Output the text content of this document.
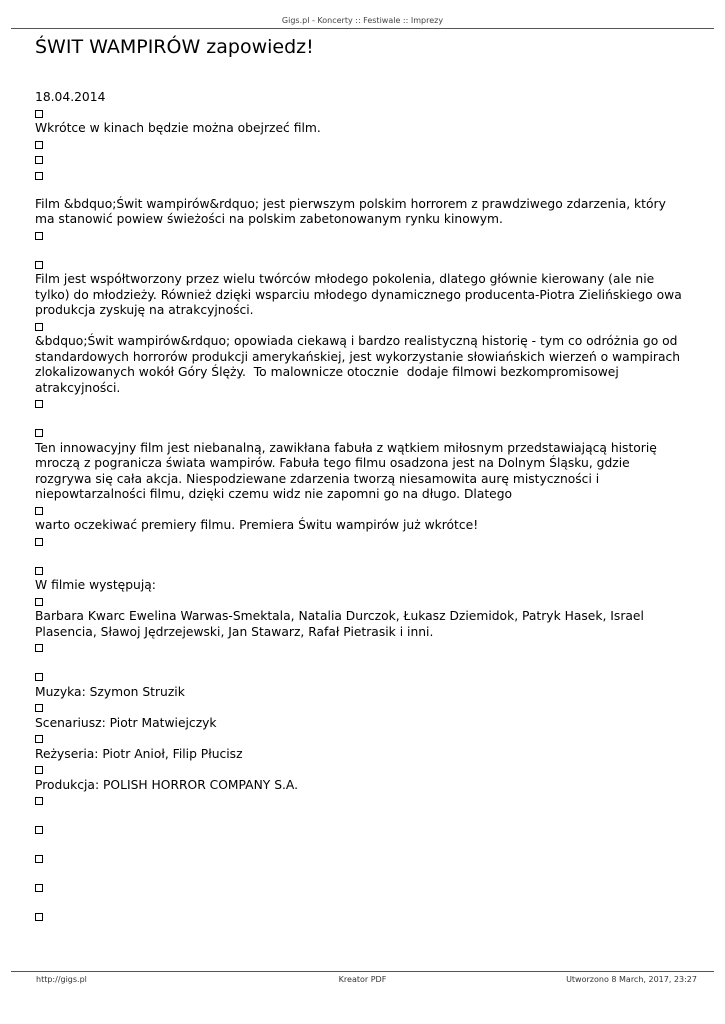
Gigs.pl - Koncerty :: Festiwale :: Imprezy
ŚWIT WAMPIRÓW zapowiedz!
18.04.2014
Wkrótce w kinach będzie można obejrzeć film.
Film &bdquo;Świt wampirów&rdquo; jest pierwszym polskim horrorem z prawdziwego zdarzenia, który
ma stanowić powiew świeżości na polskim zabetonowanym rynku kinowym.
Film jest współtworzony przez wielu twórców młodego pokolenia, dlatego głównie kierowany (ale nie
tylko) do młodzieży. Również dzięki wsparciu młodego dynamicznego producenta-Piotra Zielińskiego owa
produkcja zyskuję na atrakcyjności.
&bdquo;Świt wampirów&rdquo; opowiada ciekawą i bardzo realistyczną historię - tym co odróżnia go od
standardowych horrorów produkcji amerykańskiej, jest wykorzystanie słowiańskich wierzeń o wampirach
zlokalizowanych wokół Góry Ślęży.  To malownicze otocznie  dodaje filmowi bezkompromisowej
atrakcyjności.
Ten innowacyjny film jest niebanalną, zawikłana fabuła z wątkiem miłosnym przedstawiającą historię
mroczą z pogranicza świata wampirów. Fabuła tego filmu osadzona jest na Dolnym Śląsku, gdzie
rozgrywa się cała akcja. Niespodziewane zdarzenia tworzą niesamowita aurę mistyczności i
niepowtarzalności filmu, dzięki czemu widz nie zapomni go na długo. Dlatego
warto oczekiwać premiery filmu. Premiera Świtu wampirów już wkrótce!
W filmie występują:
Barbara Kwarc Ewelina Warwas-Smektala, Natalia Durczok, Łukasz Dziemidok, Patryk Hasek, Israel
Plasencia, Sławoj Jędrzejewski, Jan Stawarz, Rafał Pietrasik i inni.
Muzyka: Szymon Struzik
Scenariusz: Piotr Matwiejczyk
Reżyseria: Piotr Anioł, Filip Płucisz
Produkcja: POLISH HORROR COMPANY S.A.
http://gigs.pl	Kreator PDF	Utworzono 8 March, 2017, 23:27
